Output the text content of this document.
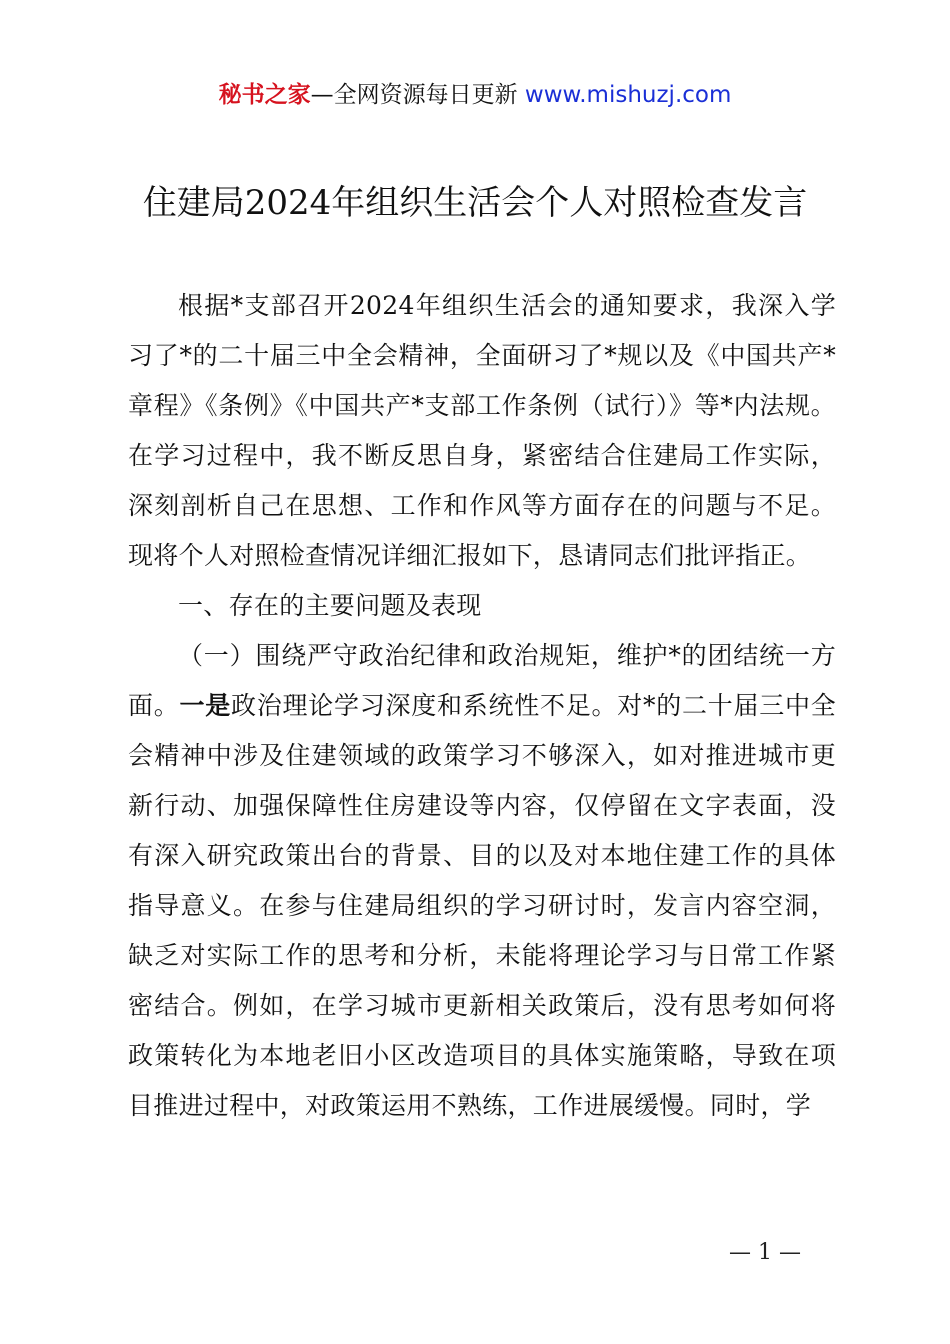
秘书之家—全网资源每日更新 www.mishuzj.com
住建局2024年组织生活会个人对照检查发言

根据*支部召开2024年组织生活会的通知要求，我深入学习了*的二十届三中全会精神，全面研习了*规以及《中国共产*章程》《条例》《中国共产*支部工作条例（试行）》等*内法规。在学习过程中，我不断反思自身，紧密结合住建局工作实际，深刻剖析自己在思想、工作和作风等方面存在的问题与不足。现将个人对照检查情况详细汇报如下，恳请同志们批评指正。

一、存在的主要问题及表现

（一）围绕严守政治纪律和政治规矩，维护*的团结统一方面。一是政治理论学习深度和系统性不足。对*的二十届三中全会精神中涉及住建领域的政策学习不够深入，如对推进城市更新行动、加强保障性住房建设等内容，仅停留在文字表面，没有深入研究政策出台的背景、目的以及对本地住建工作的具体指导意义。在参与住建局组织的学习研讨时，发言内容空洞，缺乏对实际工作的思考和分析，未能将理论学习与日常工作紧密结合。例如，在学习城市更新相关政策后，没有思考如何将政策转化为本地老旧小区改造项目的具体实施策略，导致在项目推进过程中，对政策运用不熟练，工作进展缓慢。同时，学

— 1 —
